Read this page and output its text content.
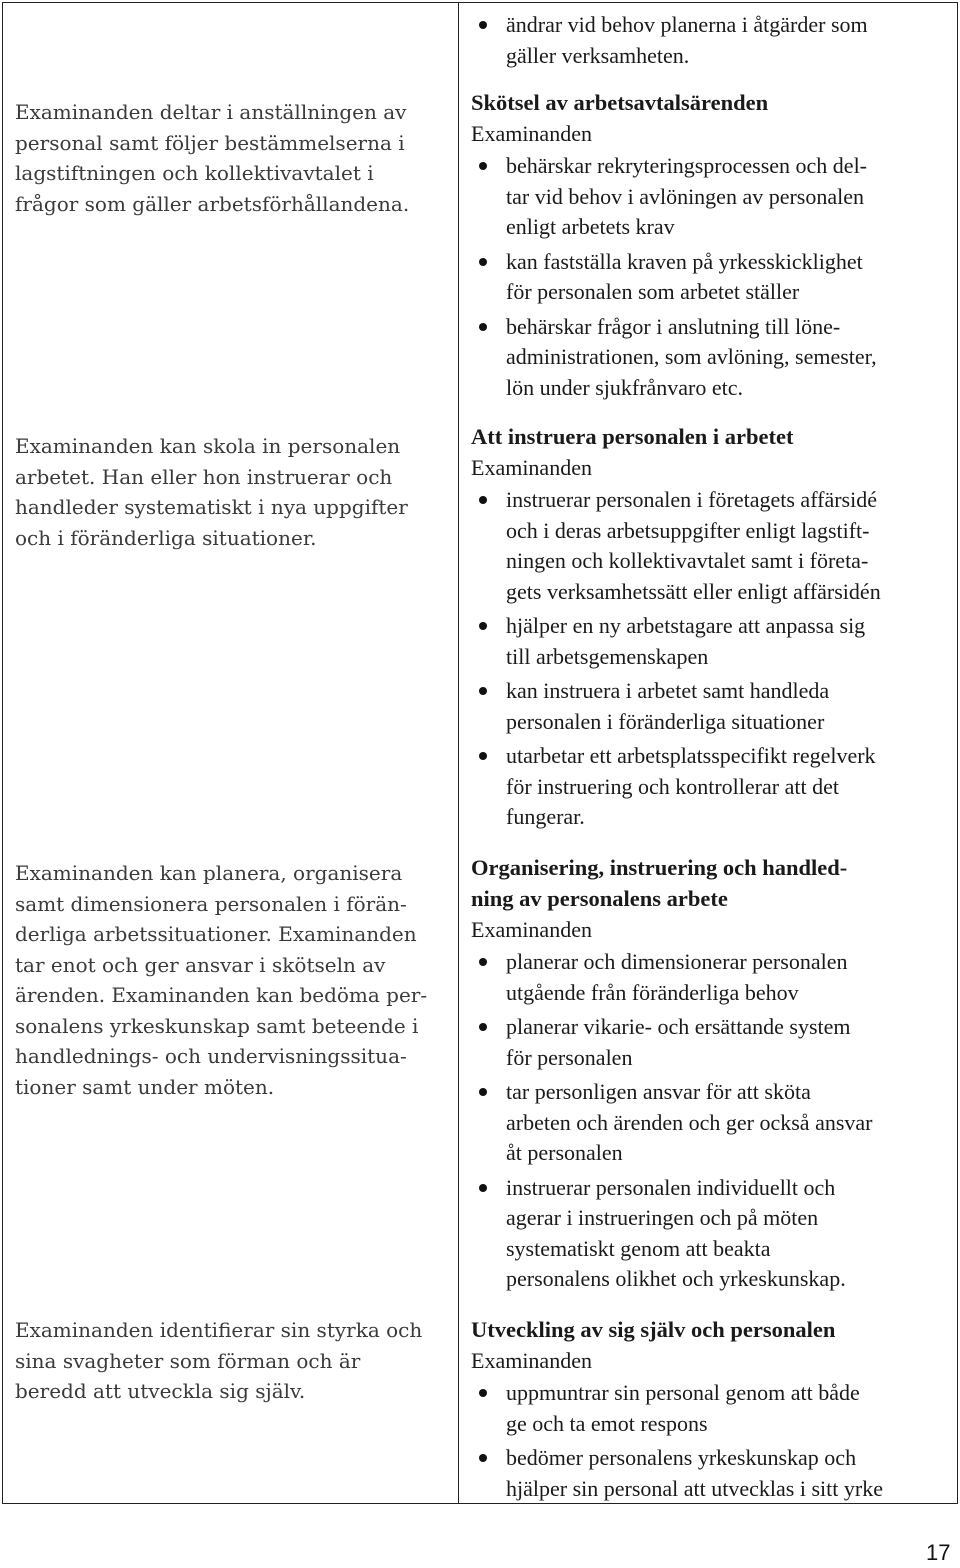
Examinanden deltar i anställningen av
personal samt följer bestämmelserna i
lagstiftningen och kollektivavtalet i
frågor som gäller arbetsförhållandena.

Examinanden kan skola in personalen
arbetet. Han eller hon instruerar och
handleder systematiskt i nya uppgifter
och i föränderliga situationer.

Examinanden kan planera, organisera
samt dimensionera personalen i förän-
derliga arbetssituationer. Examinanden
tar enot och ger ansvar i skötseln av
ärenden. Examinanden kan bedöma per-
sonalens yrkeskunskap samt beteende i
handlednings- och undervisningssitua-
tioner samt under möten.

Examinanden identifierar sin styrka och
sina svagheter som förman och är
beredd att utveckla sig själv.

ändrar vid behov planerna i åtgärder som
gäller verksamheten.
Skötsel av arbetsavtalsärenden

Examinanden

behärskar rekryteringsprocessen och del-
tar vid behov i avlöningen av personalen
enligt arbetets krav
kan fastställa kraven på yrkesskicklighet
för personalen som arbetet ställer
behärskar frågor i anslutning till löne-
administrationen, som avlöning, semester,
lön under sjukfrånvaro etc.
Att instruera personalen i arbetet

Examinanden

instruerar personalen i företagets affärsidé
och i deras arbetsuppgifter enligt lagstift-
ningen och kollektivavtalet samt i företa-
gets verksamhetssätt eller enligt affärsidén
hjälper en ny arbetstagare att anpassa sig
till arbetsgemenskapen
kan instruera i arbetet samt handleda
personalen i föränderliga situationer
utarbetar ett arbetsplatsspecifikt regelverk
för instruering och kontrollerar att det
fungerar.
Organisering, instruering och handled-
ning av personalens arbete

Examinanden

planerar och dimensionerar personalen
utgående från föränderliga behov
planerar vikarie- och ersättande system
för personalen
tar personligen ansvar för att sköta
arbeten och ärenden och ger också ansvar
åt personalen
instruerar personalen individuellt och
agerar i instrueringen och på möten
systematiskt genom att beakta
personalens olikhet och yrkeskunskap.
Utveckling av sig själv och personalen

Examinanden

uppmuntrar sin personal genom att både
ge och ta emot respons
bedömer personalens yrkeskunskap och
hjälper sin personal att utvecklas i sitt yrke
17
